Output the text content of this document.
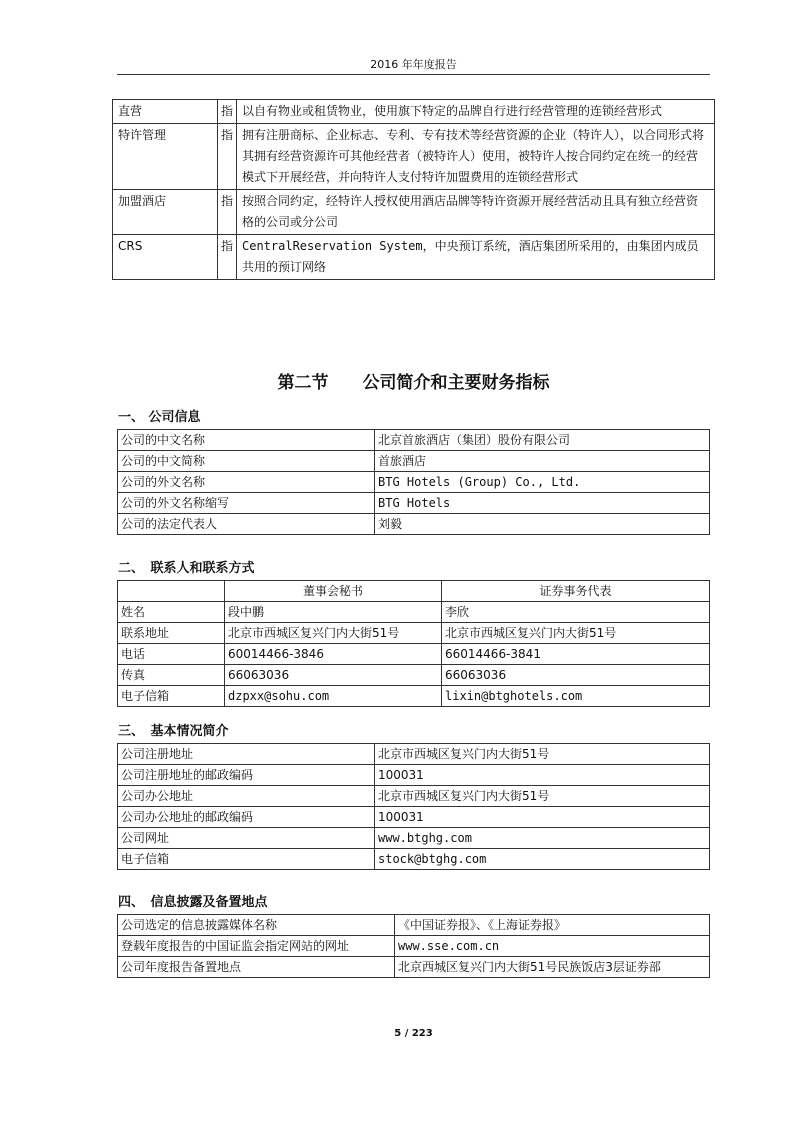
2016 年年度报告
直营	指	以自有物业或租赁物业，使用旗下特定的品牌自行进行经营管理的连锁经营形式
特许管理	指	拥有注册商标、企业标志、专利、专有技术等经营资源的企业（特许人），以合同形式将其拥有经营资源许可其他经营者（被特许人）使用，被特许人按合同约定在统一的经营模式下开展经营，并向特许人支付特许加盟费用的连锁经营形式
加盟酒店	指	按照合同约定，经特许人授权使用酒店品牌等特许资源开展经营活动且具有独立经营资格的公司或分公司
CRS	指	CentralReservation System，中央预订系统，酒店集团所采用的，由集团内成员共用的预订网络
第二节　　公司简介和主要财务指标
一、 公司信息
公司的中文名称	北京首旅酒店（集团）股份有限公司
公司的中文简称	首旅酒店
公司的外文名称	BTG Hotels (Group) Co., Ltd.
公司的外文名称缩写	BTG Hotels
公司的法定代表人	刘毅
二、　联系人和联系方式
	董事会秘书	证券事务代表
姓名	段中鹏	李欣
联系地址	北京市西城区复兴门内大街51号	北京市西城区复兴门内大街51号
电话	60014466-3846	66014466-3841
传真	66063036	66063036
电子信箱	dzpxx@sohu.com	lixin@btghotels.com
三、　基本情况简介
公司注册地址	北京市西城区复兴门内大街51号
公司注册地址的邮政编码	100031
公司办公地址	北京市西城区复兴门内大街51号
公司办公地址的邮政编码	100031
公司网址	www.btghg.com
电子信箱	stock@btghg.com
四、　信息披露及备置地点
公司选定的信息披露媒体名称	《中国证券报》、《上海证券报》
登载年度报告的中国证监会指定网站的网址	www.sse.com.cn
公司年度报告备置地点	北京西城区复兴门内大街51号民族饭店3层证券部
5 / 223
